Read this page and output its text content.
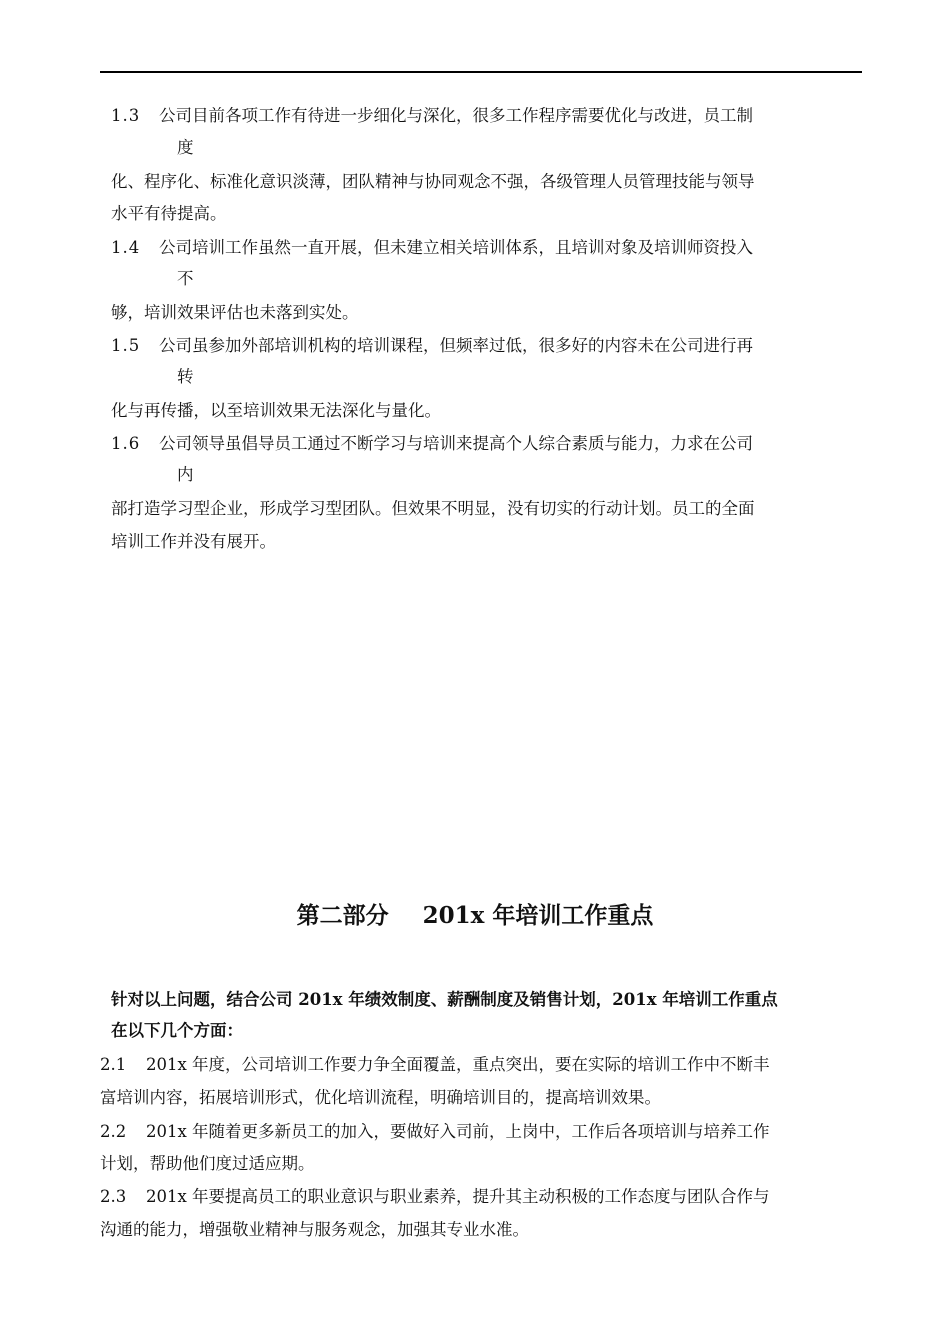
1.3 公司目前各项工作有待进一步细化与深化，很多工作程序需要优化与改进，员工制
度
化、程序化、标准化意识淡薄，团队精神与协同观念不强，各级管理人员管理技能与领导
水平有待提高。
1.4 公司培训工作虽然一直开展，但未建立相关培训体系，且培训对象及培训师资投入
不
够，培训效果评估也未落到实处。
1.5 公司虽参加外部培训机构的培训课程，但频率过低，很多好的内容未在公司进行再
转
化与再传播，以至培训效果无法深化与量化。
1.6 公司领导虽倡导员工通过不断学习与培训来提高个人综合素质与能力，力求在公司
内
部打造学习型企业，形成学习型团队。但效果不明显，没有切实的行动计划。员工的全面
培训工作并没有展开。
第二部分 201x 年培训工作重点
针对以上问题，结合公司 201x 年绩效制度、薪酬制度及销售计划，201x 年培训工作重点
在以下几个方面：
2.1 201x 年度，公司培训工作要力争全面覆盖，重点突出，要在实际的培训工作中不断丰
富培训内容，拓展培训形式，优化培训流程，明确培训目的，提高培训效果。
2.2 201x 年随着更多新员工的加入，要做好入司前，上岗中，工作后各项培训与培养工作
计划，帮助他们度过适应期。
2.3 201x 年要提高员工的职业意识与职业素养，提升其主动积极的工作态度与团队合作与
沟通的能力，增强敬业精神与服务观念，加强其专业水准。
